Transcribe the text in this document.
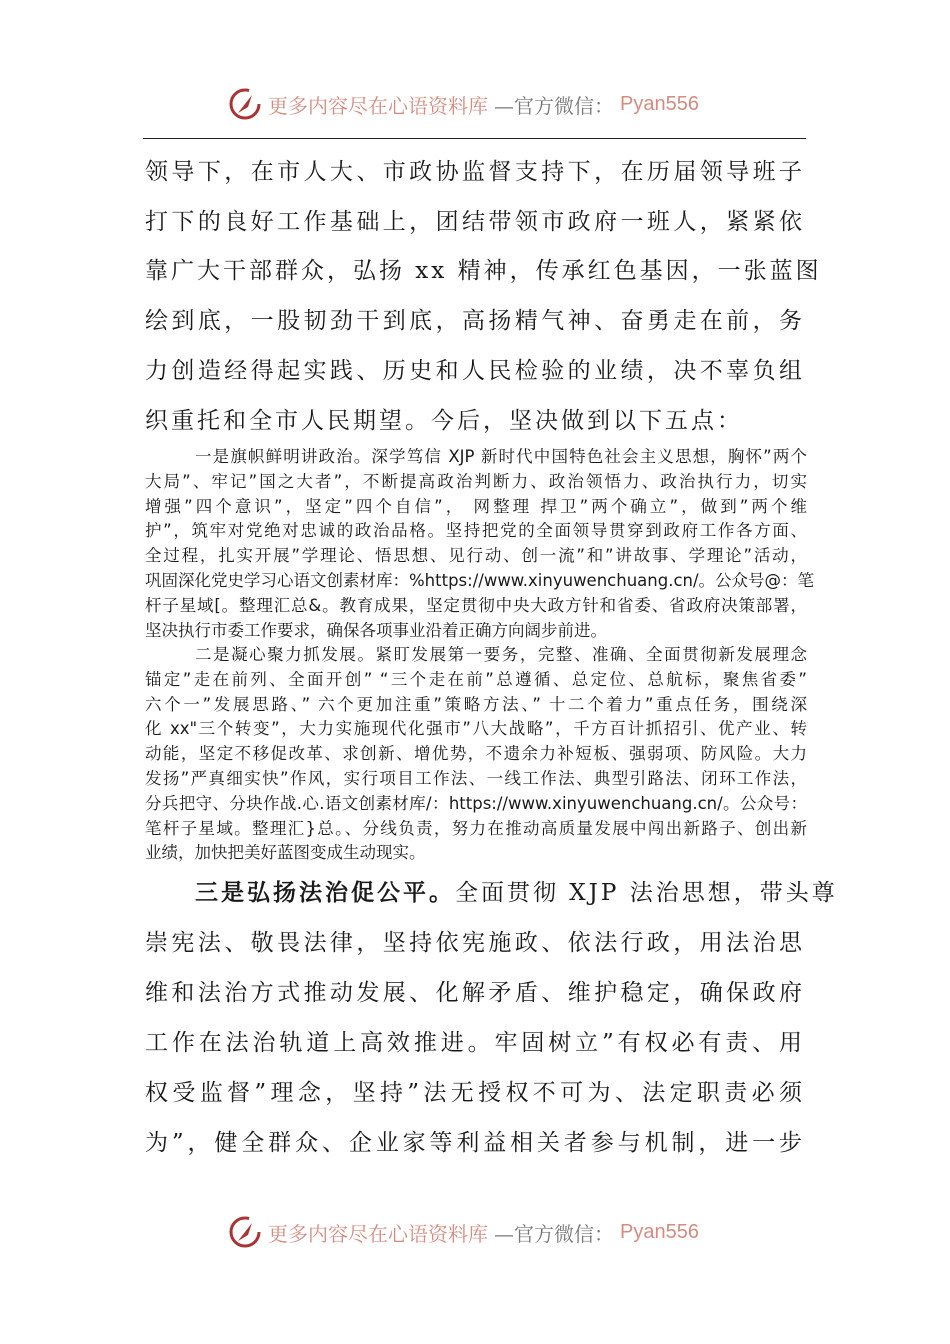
更多内容尽在心语资料库 —官方微信： Pyan556
领导下，在市人大、市政协监督支持下，在历届领导班子
打下的良好工作基础上，团结带领市政府一班人，紧紧依
靠广大干部群众，弘扬 xx 精神，传承红色基因，一张蓝图
绘到底，一股韧劲干到底，高扬精气神、奋勇走在前，务
力创造经得起实践、历史和人民检验的业绩，决不辜负组
织重托和全市人民期望。今后，坚决做到以下五点：
一是旗帜鲜明讲政治。深学笃信 XJP 新时代中国特色社会主义思想，胸怀”两个
大局”、牢记”国之大者”，不断提高政治判断力、政治领悟力、政治执行力，切实
增强”四个意识”，坚定”四个自信”， 网整理 捍卫”两个确立”，做到”两个维
护”，筑牢对党绝对忠诚的政治品格。坚持把党的全面领导贯穿到政府工作各方面、
全过程，扎实开展”学理论、悟思想、见行动、创一流”和”讲故事、学理论”活动，
巩固深化党史学习心语文创素材库：%https://www.xinyuwenchuang.cn/。公众号@：笔
杆子星域[。整理汇总&。教育成果，坚定贯彻中央大政方针和省委、省政府决策部署，
坚决执行市委工作要求，确保各项事业沿着正确方向阔步前进。
二是凝心聚力抓发展。紧盯发展第一要务，完整、准确、全面贯彻新发展理念
锚定”走在前列、全面开创” “三个走在前”总遵循、总定位、总航标，聚焦省委”
六个一”发展思路、” 六个更加注重”策略方法、” 十二个着力”重点任务，围绕深
化 xx"三个转变”，大力实施现代化强市”八大战略”，千方百计抓招引、优产业、转
动能，坚定不移促改革、求创新、增优势，不遗余力补短板、强弱项、防风险。大力
发扬”严真细实快”作风，实行项目工作法、一线工作法、典型引路法、闭环工作法，
分兵把守、分块作战.心.语文创素材库/：https://www.xinyuwenchuang.cn/。公众号：
笔杆子星域。整理汇}总。、分线负责，努力在推动高质量发展中闯出新路子、创出新
业绩，加快把美好蓝图变成生动现实。
三是弘扬法治促公平。全面贯彻 XJP 法治思想，带头尊
崇宪法、敬畏法律，坚持依宪施政、依法行政，用法治思
维和法治方式推动发展、化解矛盾、维护稳定，确保政府
工作在法治轨道上高效推进。牢固树立”有权必有责、用
权受监督”理念，坚持”法无授权不可为、法定职责必须
为”，健全群众、企业家等利益相关者参与机制，进一步
更多内容尽在心语资料库 —官方微信： Pyan556
